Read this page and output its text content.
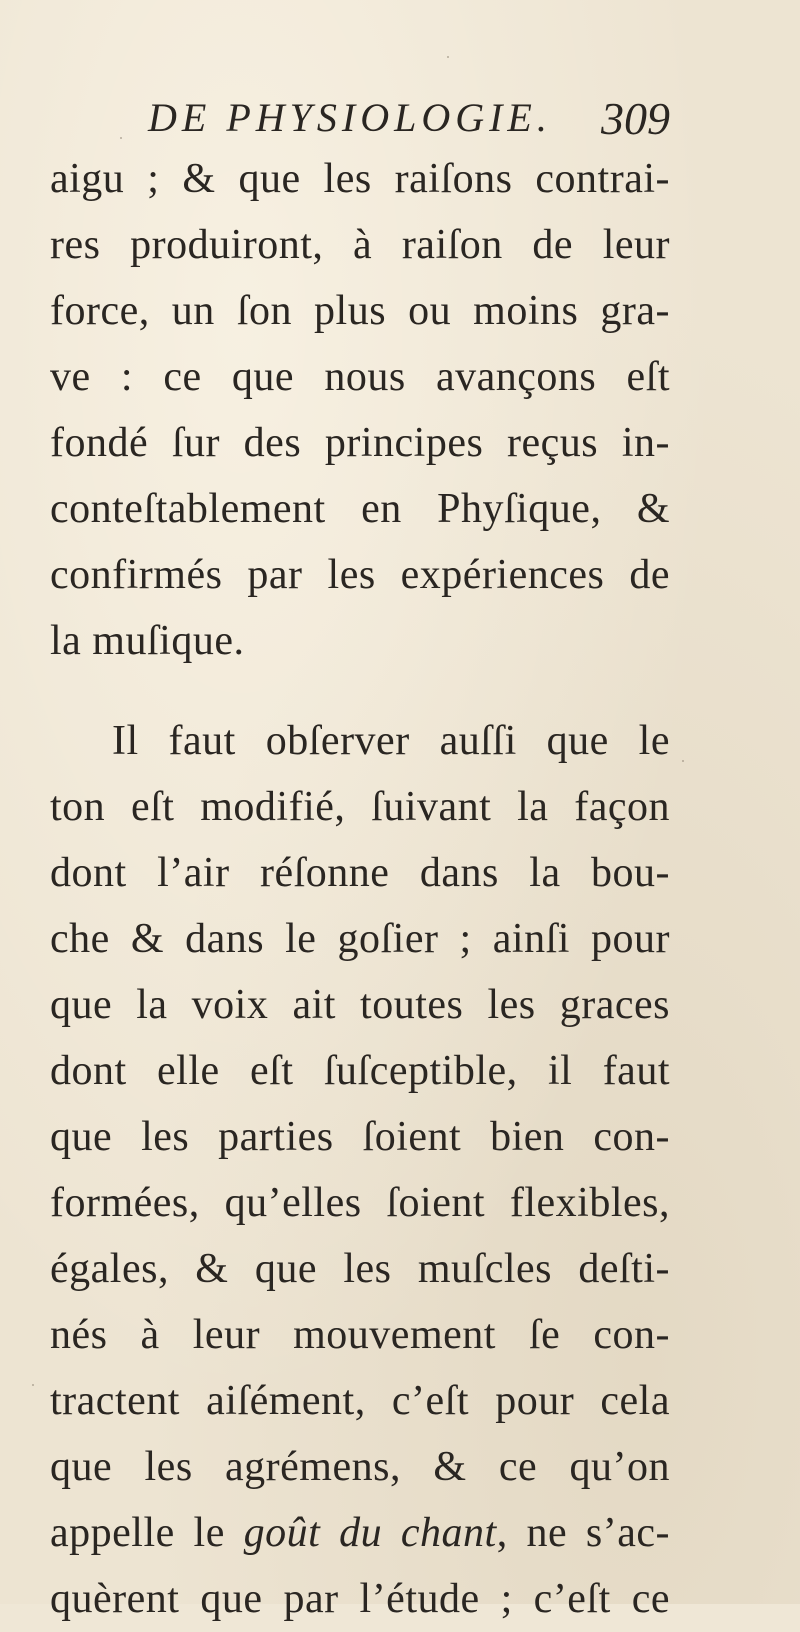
DE PHYSIOLOGIE. 309
aigu ; & que les raiſons contrai-
res produiront, à raiſon de leur
force, un ſon plus ou moins gra-
ve : ce que nous avançons eſt
fondé ſur des principes reçus in-
conteſtablement en Phyſique, &
confirmés par les expériences de
la muſique.
Il faut obſerver auſſi que le
ton eſt modifié, ſuivant la façon
dont l’air réſonne dans la bou-
che & dans le goſier ; ainſi pour
que la voix ait toutes les graces
dont elle eſt ſuſceptible, il faut
que les parties ſoient bien con-
formées, qu’elles ſoient flexibles,
égales, & que les muſcles deſti-
nés à leur mouvement ſe con-
tractent aiſément, c’eſt pour cela
que les agrémens, & ce qu’on
appelle le goût du chant, ne s’ac-
quèrent que par l’étude ; c’eſt ce
